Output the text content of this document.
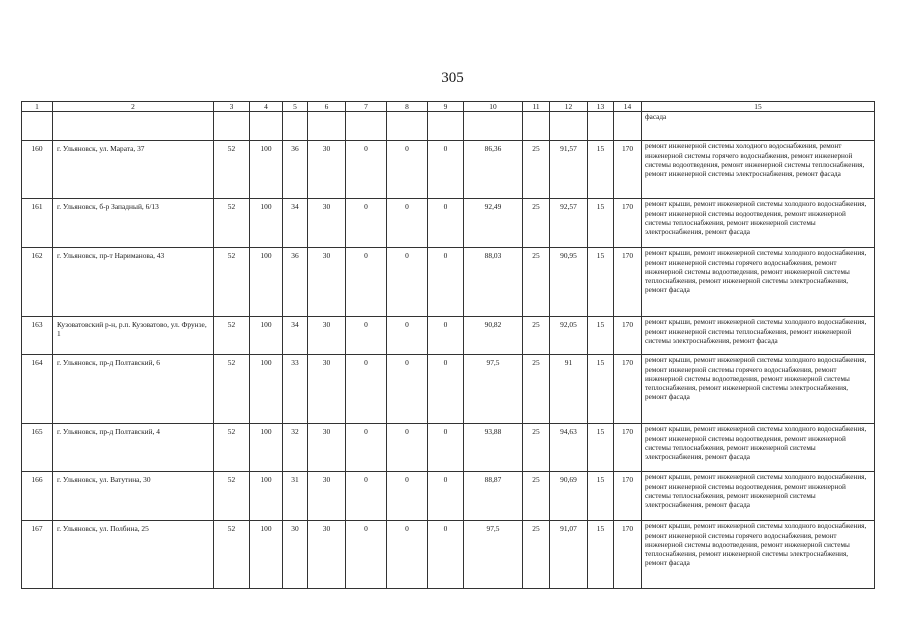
305
1	2	3	4	5	6	7	8	9	10	11	12	13	14	15
														фасада
160	г. Ульяновск, ул. Марата, 37	52	100	36	30	0	0	0	86,36	25	91,57	15	170	ремонт инженерной системы холодного водоснабжения, ремонт инженерной системы горячего водоснабжения, ремонт инженерной системы водоотведения, ремонт инженерной системы теплоснабжения, ремонт инженерной системы электроснабжения, ремонт фасада
161	г. Ульяновск, б-р Западный, 6/13	52	100	34	30	0	0	0	92,49	25	92,57	15	170	ремонт крыши, ремонт инженерной системы холодного водоснабжения, ремонт инженерной системы водоотведения, ремонт инженерной системы теплоснабжения, ремонт инженерной системы электроснабжения, ремонт фасада
162	г. Ульяновск, пр-т Нариманова, 43	52	100	36	30	0	0	0	88,03	25	90,95	15	170	ремонт крыши, ремонт инженерной системы холодного водоснабжения, ремонт инженерной системы горячего водоснабжения, ремонт инженерной системы водоотведения, ремонт инженерной системы теплоснабжения, ремонт инженерной системы электроснабжения, ремонт фасада
163	Кузоватовский р-н, р.п. Кузоватово, ул. Фрунзе, 1	52	100	34	30	0	0	0	90,82	25	92,05	15	170	ремонт крыши, ремонт инженерной системы холодного водоснабжения, ремонт инженерной системы теплоснабжения, ремонт инженерной системы электроснабжения, ремонт фасада
164	г. Ульяновск, пр-д Полтавский, 6	52	100	33	30	0	0	0	97,5	25	91	15	170	ремонт крыши, ремонт инженерной системы холодного водоснабжения, ремонт инженерной системы горячего водоснабжения, ремонт инженерной системы водоотведения, ремонт инженерной системы теплоснабжения, ремонт инженерной системы электроснабжения, ремонт фасада
165	г. Ульяновск, пр-д Полтавский, 4	52	100	32	30	0	0	0	93,88	25	94,63	15	170	ремонт крыши, ремонт инженерной системы холодного водоснабжения, ремонт инженерной системы водоотведения, ремонт инженерной системы теплоснабжения, ремонт инженерной системы электроснабжения, ремонт фасада
166	г. Ульяновск, ул. Ватутина, 30	52	100	31	30	0	0	0	88,87	25	90,69	15	170	ремонт крыши, ремонт инженерной системы холодного водоснабжения, ремонт инженерной системы водоотведения, ремонт инженерной системы теплоснабжения, ремонт инженерной системы электроснабжения, ремонт фасада
167	г. Ульяновск, ул. Полбина, 25	52	100	30	30	0	0	0	97,5	25	91,07	15	170	ремонт крыши, ремонт инженерной системы холодного водоснабжения, ремонт инженерной системы горячего водоснабжения, ремонт инженерной системы водоотведения, ремонт инженерной системы теплоснабжения, ремонт инженерной системы электроснабжения, ремонт фасада
